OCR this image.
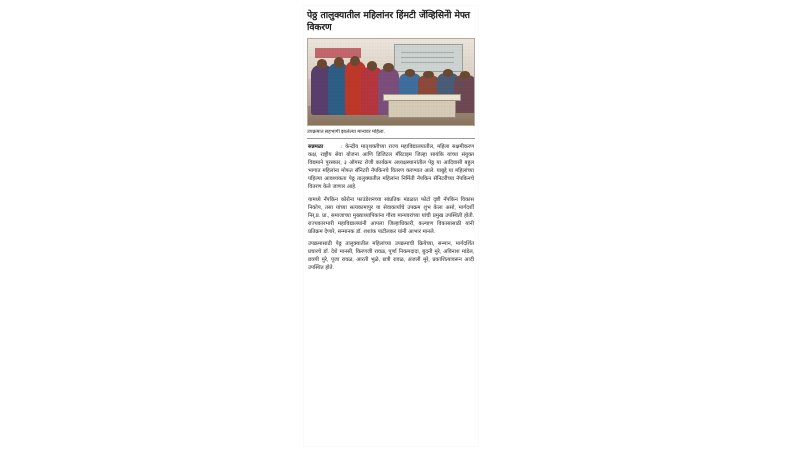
पेठ्ठ तालुक्यातील महिलांनर हिंमटी जेंव्हिसिनेो मेफ्त विकरण
उपक्रमात सहभागी झालेल्या मान्यवर महिला.
सन्नमळा	: केन्द्रीय मातृशक्तीच्या राज्य महाविद्यालयातील, महिला सक्षमीकरण कक्ष, राष्ट्रीय सेवा योजना आणि डिजिटल मॅरिटाइम जिल्हा सायंकि यांच्या संयुक्त विद्यमाने पुरस्कार, ३ ऑगस्ट रोजी कार्यक्रम अध्यक्षस्थानांतील पेठ्ठ या आदिवासी बहुल भागात महिलांना मोफत सॅनिटरी नॅपकिनचे वितरण करण्यात आले. याबुद्दे या महिलांच्या पहिल्या आवश्यकता पेठ्ठ तालुक्यातील महिलांना निर्मिती नॅपकिन सॅनिटरीच्या नॅपकिनचे वितरण केले जाणार आहे.
यामध्ये नॅपकिन कोरोना फाउंडेशनच्या सांप्रतिक मंडळात फोटो दृष्टी नॅपकिन विकास निकोप, तसा यांच्या सत्यकामापुर या सेवाकार्याचे उपक्रम शुभ केला असो, मार्गदर्शी निर्.प्र. प्रा., समाजाच्या मुख्याध्यापिकांना गौरव मान्यवरांच्या यांची प्रमुख उपस्थिती होती. राज्यकारभारी महाविद्यालयांनी आपला जिल्हाधिकारी, कल्याण विकासासाठी यांनी प्रतिक्रम देणारे, सन्मानक डॉ. शशांक पाटीलकर यांनी आभार मानले.
उपक्रमासाठी पेठ्ठ तालुक्यातील महिलांच्या उपक्रमाची क्रियेच्या, सन्मान, मार्गदर्शित प्रचारचे डॉ. देशे मानसी, किरणजी रावळ, पूर्णा निकमदादा, बुदनी मुरे, अविनाश मांडेल, छत्रपी मुरे, पूजा रावळ, आरती भुळे, छत्री रावळ, अंजली मुरे, प्रकाशित्यावरून आदी उपस्थित होते.
